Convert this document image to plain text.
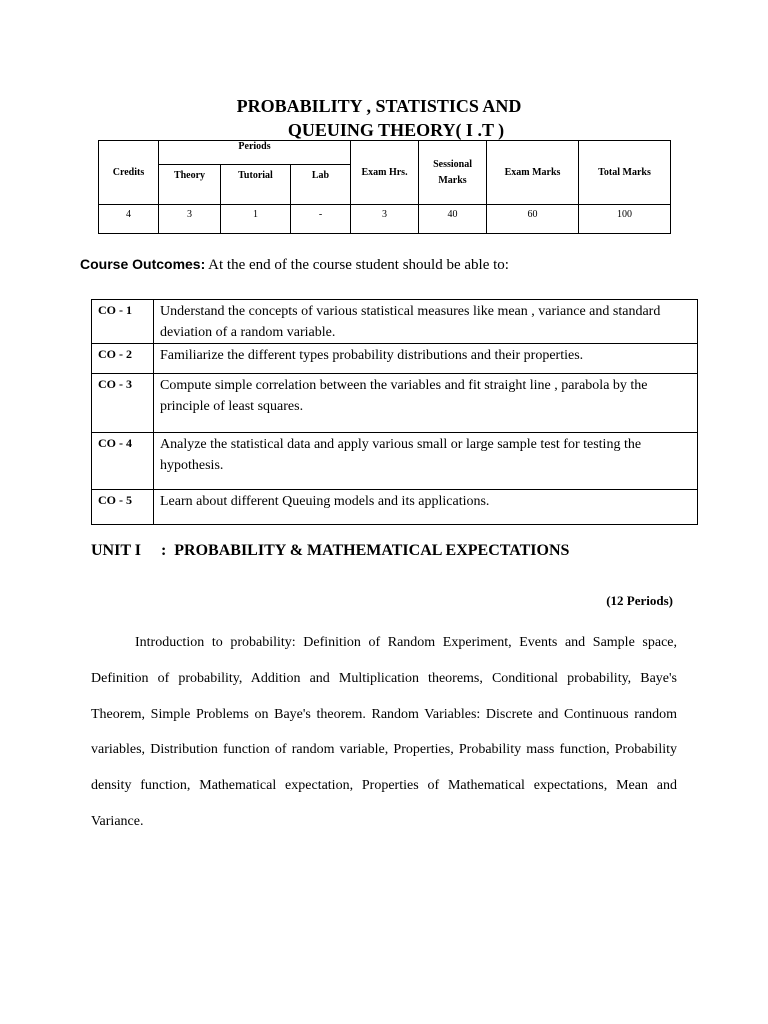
PROBABILITY , STATISTICS AND
QUEUING THEORY( I .T )
Credits	Periods			Exam Hrs.	Sessional Marks	Exam Marks	Total Marks
	Theory	Tutorial	Lab				
4	3	1	-	3	40	60	100
Course Outcomes: At the end of the course student should be able to:
CO - 1	Understand the concepts of various statistical measures like mean , variance and standard deviation of a random variable.
CO - 2	Familiarize the different types probability distributions and their properties.
CO - 3	Compute simple correlation between the variables and fit straight line , parabola by the principle of least squares.
CO - 4	Analyze the statistical data and apply various small or large sample test for testing the hypothesis.
CO - 5	Learn about different Queuing models and its applications.
UNIT I     :  PROBABILITY & MATHEMATICAL EXPECTATIONS
(12 Periods)
Introduction to probability: Definition of Random Experiment, Events and Sample space, Definition of probability, Addition and Multiplication theorems, Conditional probability, Baye's Theorem, Simple Problems on Baye's theorem. Random Variables: Discrete and Continuous random variables, Distribution function of random variable, Properties, Probability mass function, Probability density function, Mathematical expectation, Properties of Mathematical expectations, Mean and Variance.
